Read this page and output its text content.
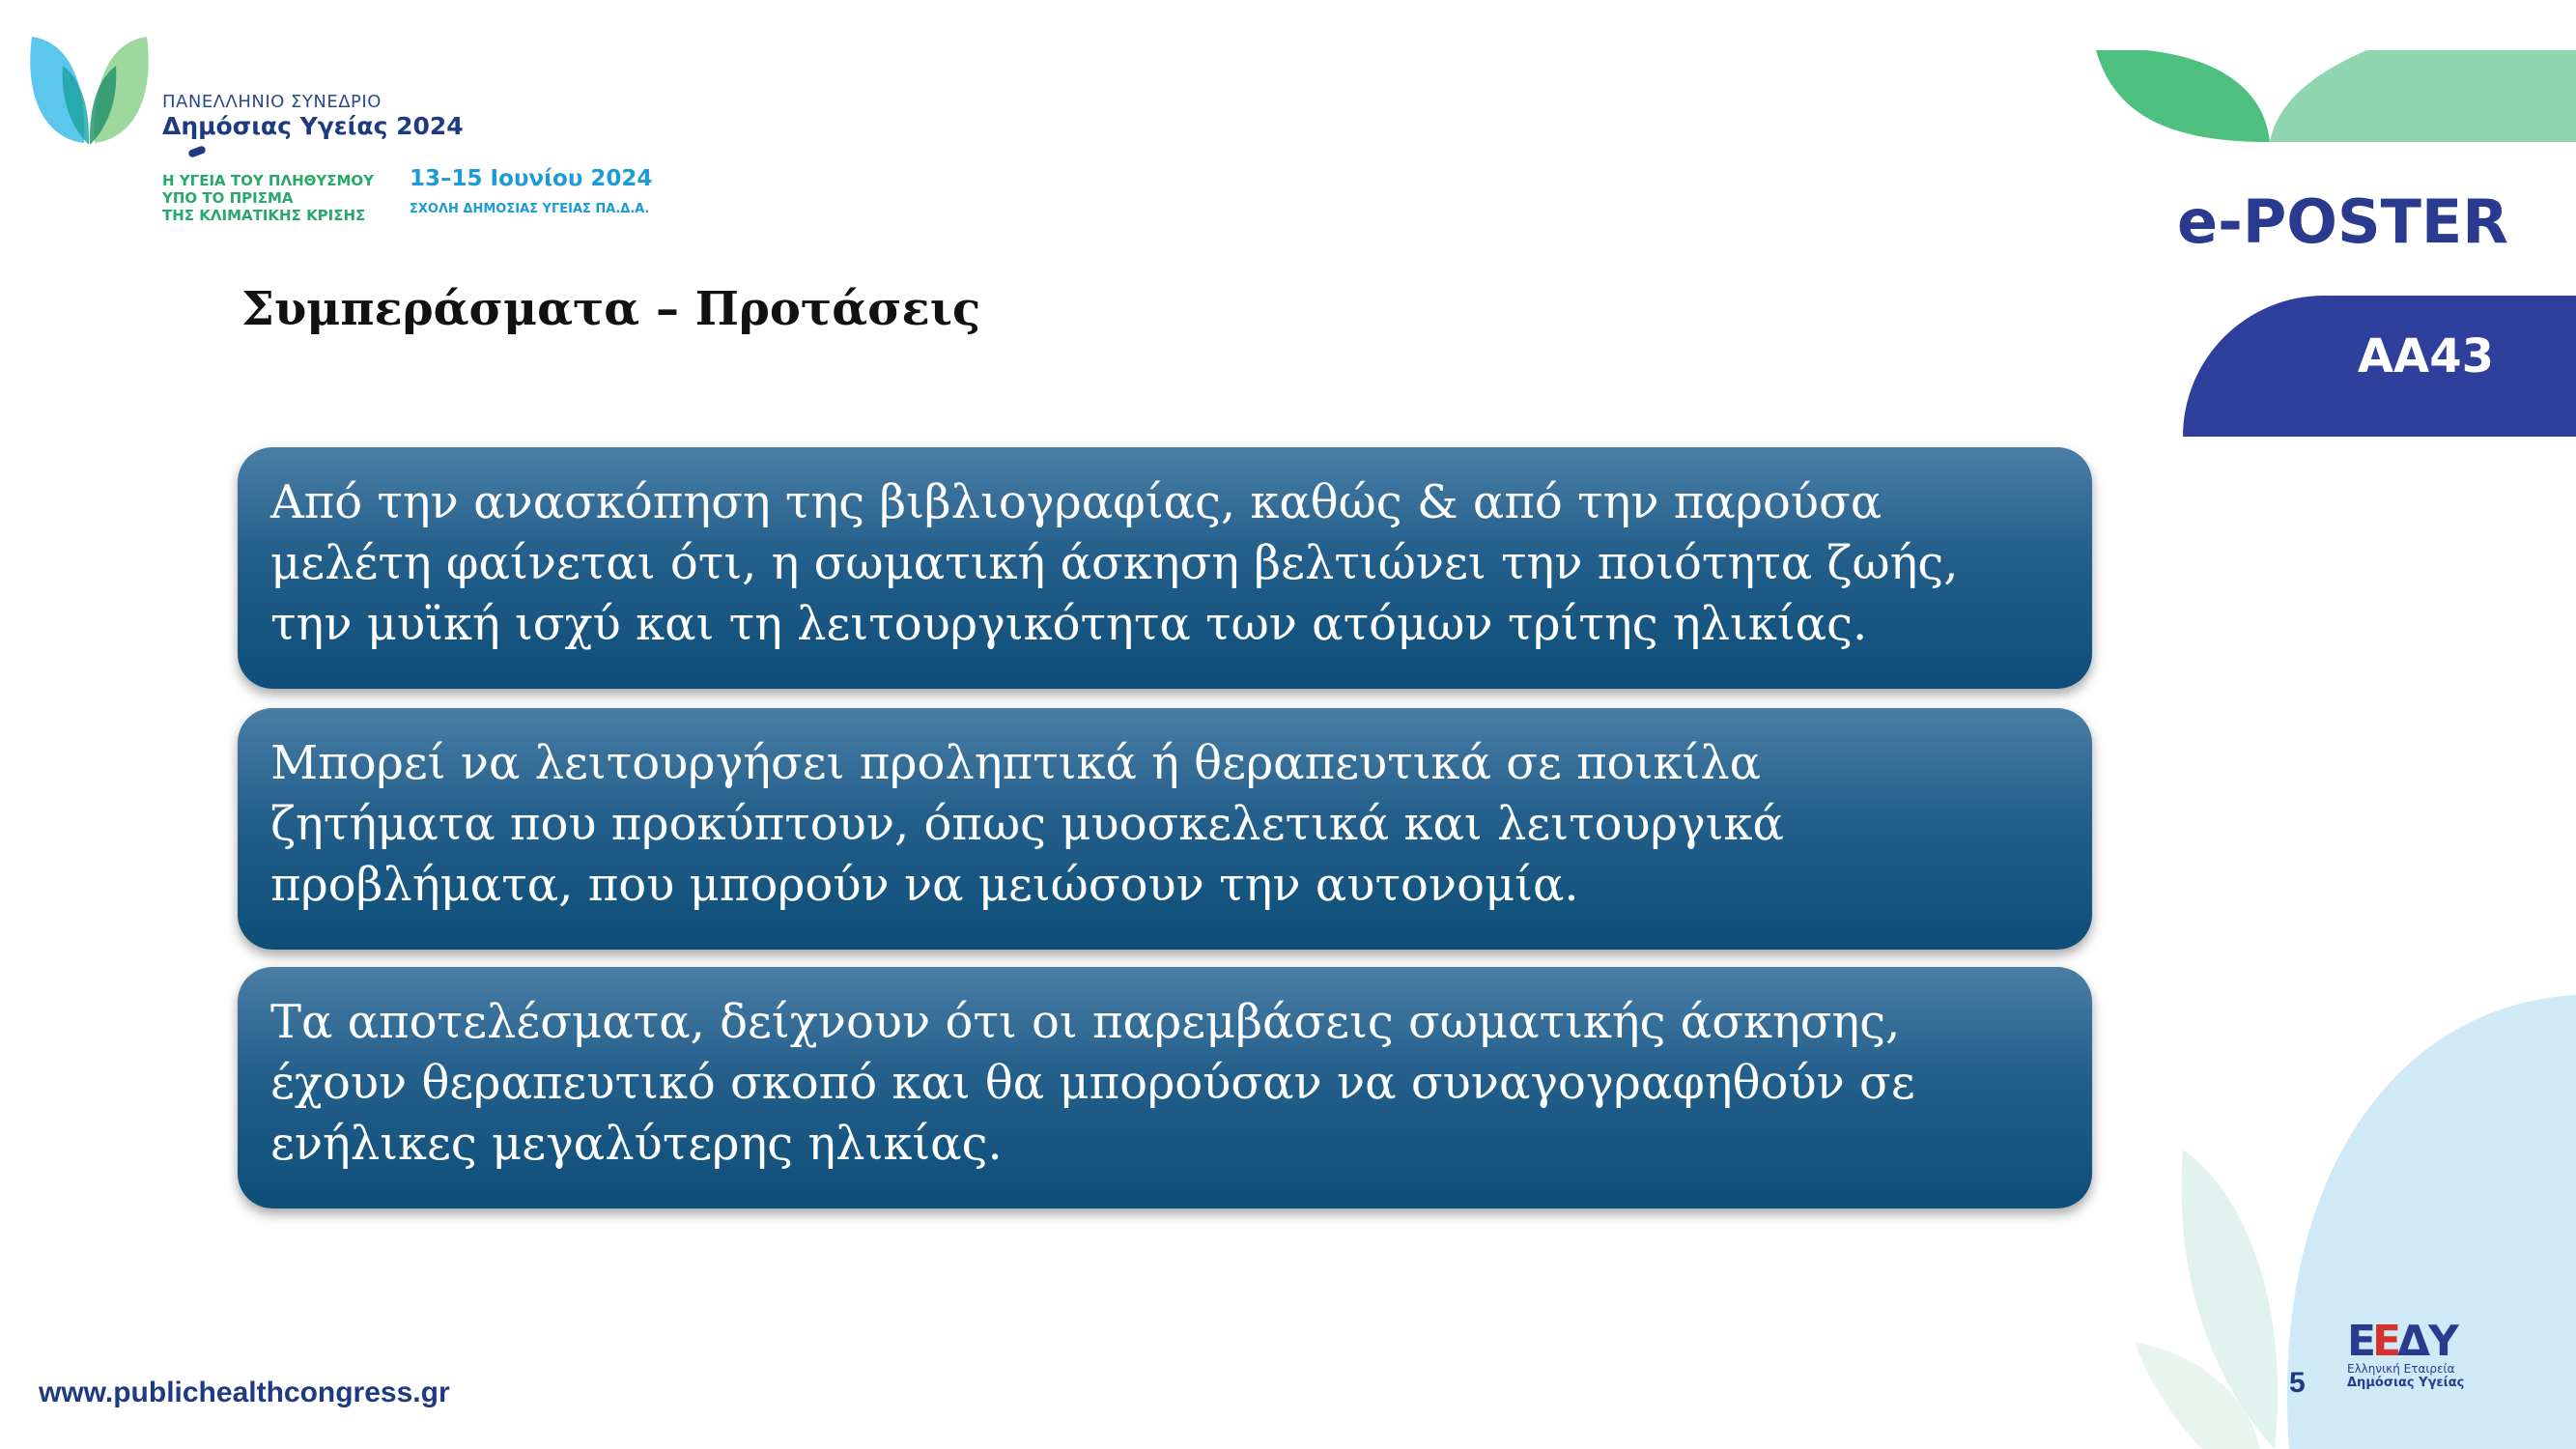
ΠΑΝΕΛΛΗΝΙΟ ΣΥΝΕΔΡΙΟ
Δημόσιας Υγείας 2024
Η ΥΓΕΙΑ ΤΟΥ ΠΛΗΘΥΣΜΟΥ
ΥΠΟ ΤΟ ΠΡΙΣΜΑ
ΤΗΣ ΚΛΙΜΑΤΙΚΗΣ ΚΡΙΣΗΣ
13–15 Ιουνίου 2024
ΣΧΟΛΗ ΔΗΜΟΣΙΑΣ ΥΓΕΙΑΣ ΠΑ.Δ.Α.	e-POSTER
AA43
Συμπεράσματα – Προτάσεις

Από την ανασκόπηση της βιβλιογραφίας, καθώς & από την παρούσα

μελέτη φαίνεται ότι, η σωματική άσκηση βελτιώνει την ποιότητα ζωής,

την μυϊκή ισχύ και τη λειτουργικότητα των ατόμων τρίτης ηλικίας.

Μπορεί να λειτουργήσει προληπτικά ή θεραπευτικά σε ποικίλα

ζητήματα που προκύπτουν, όπως μυοσκελετικά και λειτουργικά

προβλήματα, που μπορούν να μειώσουν την αυτονομία.

Τα αποτελέσματα, δείχνουν ότι οι παρεμβάσεις σωματικής άσκησης,

έχουν θεραπευτικό σκοπό και θα μπορούσαν να συναγογραφηθούν σε

ενήλικες μεγαλύτερης ηλικίας.

Ε
Ε
Δ
Υ
Ελληνική Εταιρεία
Δημόσιας Υγείας
www.publichealthcongress.gr	5
